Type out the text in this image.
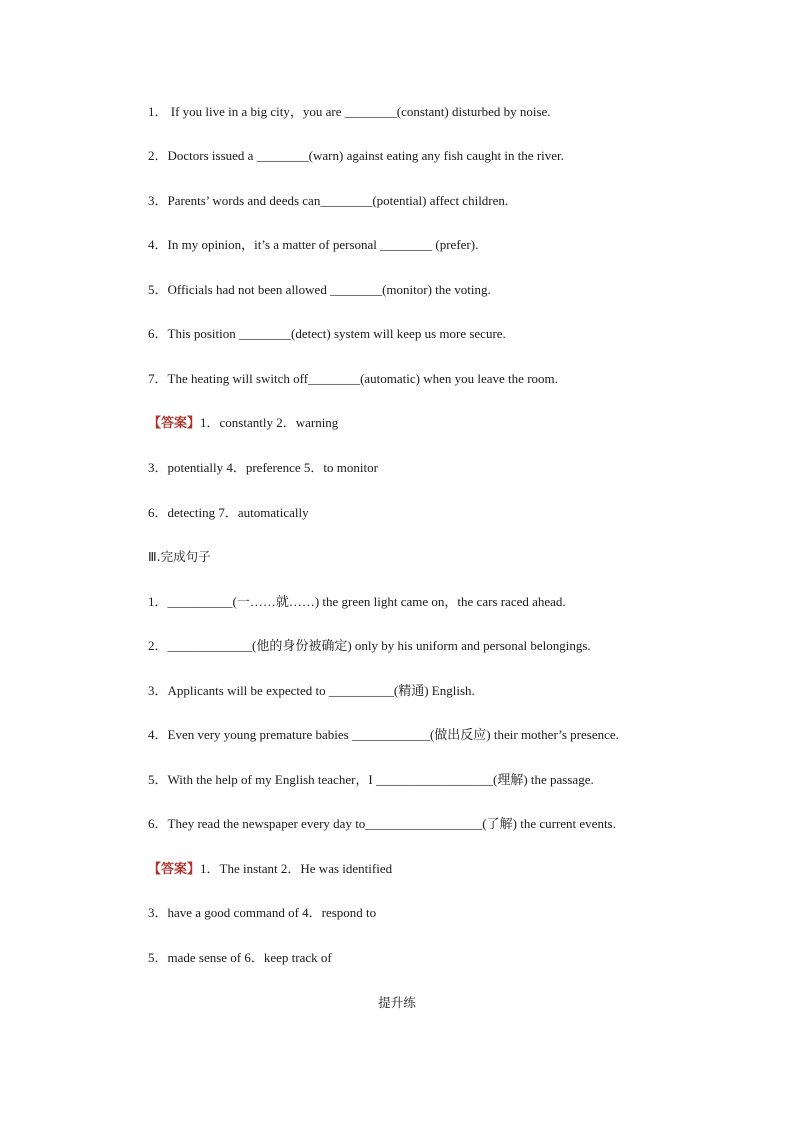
1． If you live in a big city，you are ________(constant) disturbed by noise.
2．Doctors issued a ________(warn) against eating any fish caught in the river.
3．Parents’ words and deeds can________(potential) affect children.
4．In my opinion，it’s a matter of personal ________ (prefer).
5．Officials had not been allowed ________(monitor) the voting.
6．This position ________(detect) system will keep us more secure.
7．The heating will switch off________(automatic) when you leave the room.
【答案】1．constantly 2．warning
3．potentially 4．preference 5．to monitor
6．detecting 7．automatically
Ⅲ.完成句子
1．__________(一……就……) the green light came on，the cars raced ahead.
2．_____________(他的身份被确定) only by his uniform and personal belongings.
3．Applicants will be expected to __________(精通) English.
4．Even very young premature babies ____________(做出反应) their mother’s presence.
5．With the help of my English teacher，I __________________(理解) the passage.
6．They read the newspaper every day to__________________(了解) the current events.
【答案】1．The instant 2．He was identified
3．have a good command of 4．respond to
5．made sense of 6．keep track of
提升练
